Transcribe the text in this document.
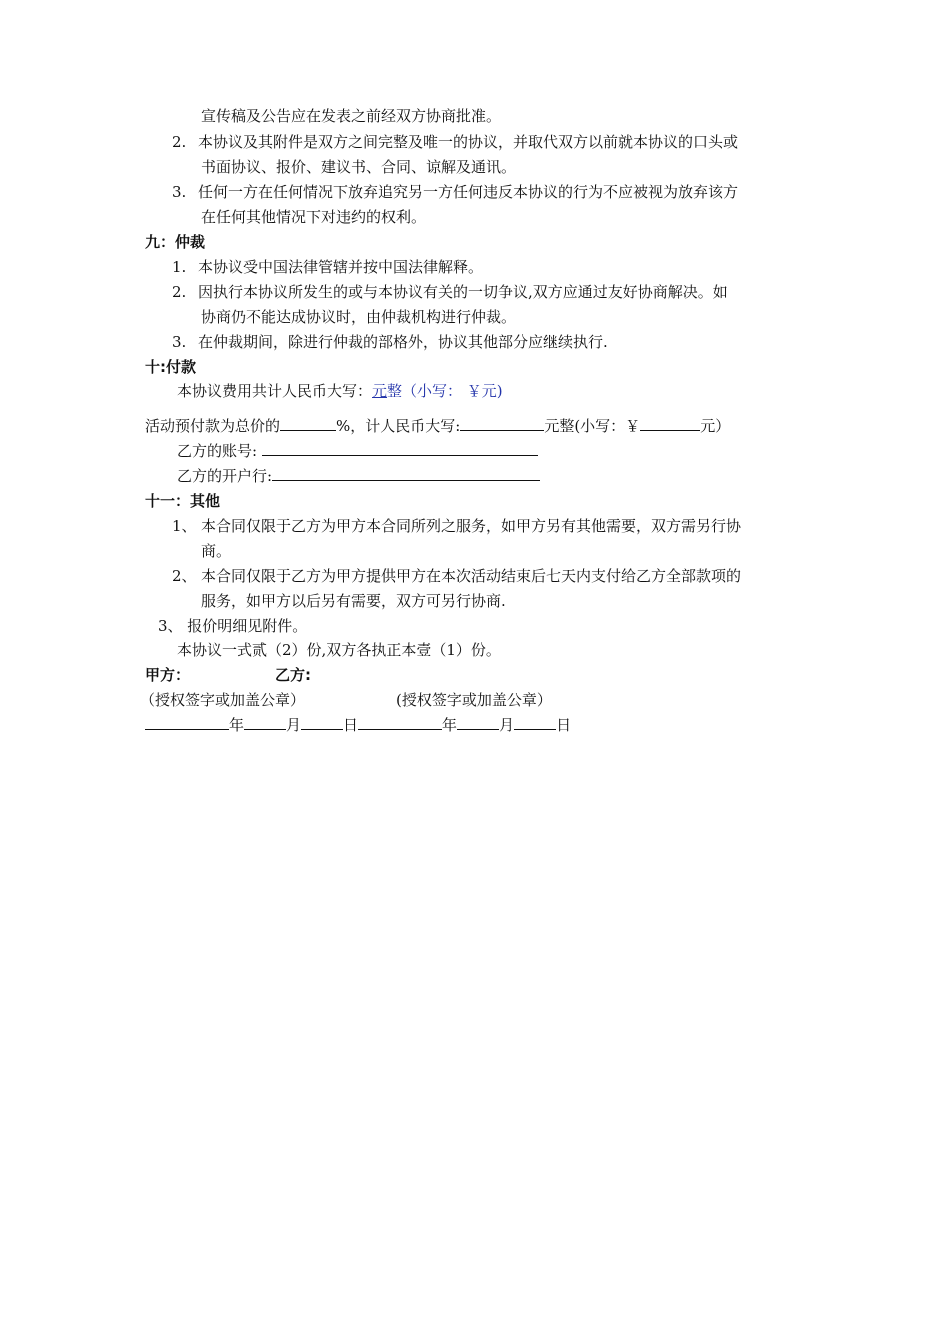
宣传稿及公告应在发表之前经双方协商批准。
2. 本协议及其附件是双方之间完整及唯一的协议，并取代双方以前就本协议的口头或
书面协议、报价、建议书、合同、谅解及通讯。
3. 任何一方在任何情况下放弃追究另一方任何违反本协议的行为不应被视为放弃该方
在任何其他情况下对违约的权利。
九：仲裁
1. 本协议受中国法律管辖并按中国法律解释。
2. 因执行本协议所发生的或与本协议有关的一切争议,双方应通过友好协商解决。如
协商仍不能达成协议时，由仲裁机构进行仲裁。
3. 在仲裁期间，除进行仲裁的部格外，协议其他部分应继续执行.
十:付款
本协议费用共计人民币大写：元整（小写： ￥元)
活动预付款为总价的	%，计人民币大写:	元整(小写：￥	元）
乙方的账号:
乙方的开户行:
十一：其他
1、 本合同仅限于乙方为甲方本合同所列之服务，如甲方另有其他需要，双方需另行协
商。
2、 本合同仅限于乙方为甲方提供甲方在本次活动结束后七天内支付给乙方全部款项的
服务，如甲方以后另有需要，双方可另行协商.
3、 报价明细见附件。
本协议一式贰（2）份,双方各执正本壹（1）份。
甲方：	乙方:
（授权签字或加盖公章）	(授权签字或加盖公章）
年	月	日	年	月	日
